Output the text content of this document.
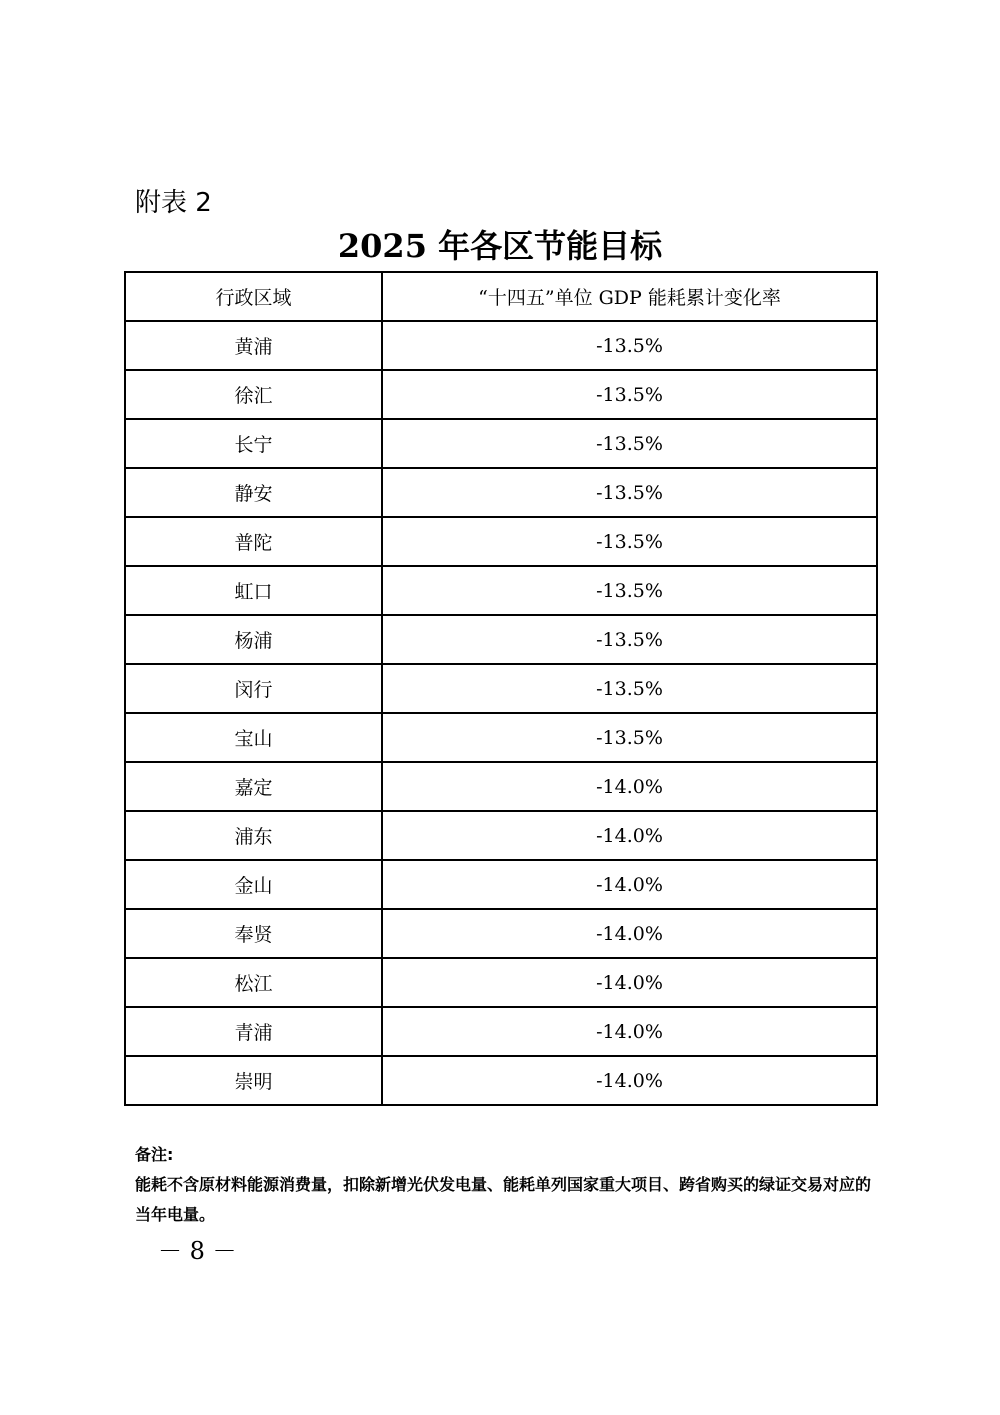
附表 2
2025 年各区节能目标
行政区域	“十四五”单位 GDP 能耗累计变化率
黄浦	-13.5%
徐汇	-13.5%
长宁	-13.5%
静安	-13.5%
普陀	-13.5%
虹口	-13.5%
杨浦	-13.5%
闵行	-13.5%
宝山	-13.5%
嘉定	-14.0%
浦东	-14.0%
金山	-14.0%
奉贤	-14.0%
松江	-14.0%
青浦	-14.0%
崇明	-14.0%

备注:

能耗不含原材料能源消费量，扣除新增光伏发电量、能耗单列国家重大项目、跨省购买的绿证交易对应的当年电量。

－ 8 －
